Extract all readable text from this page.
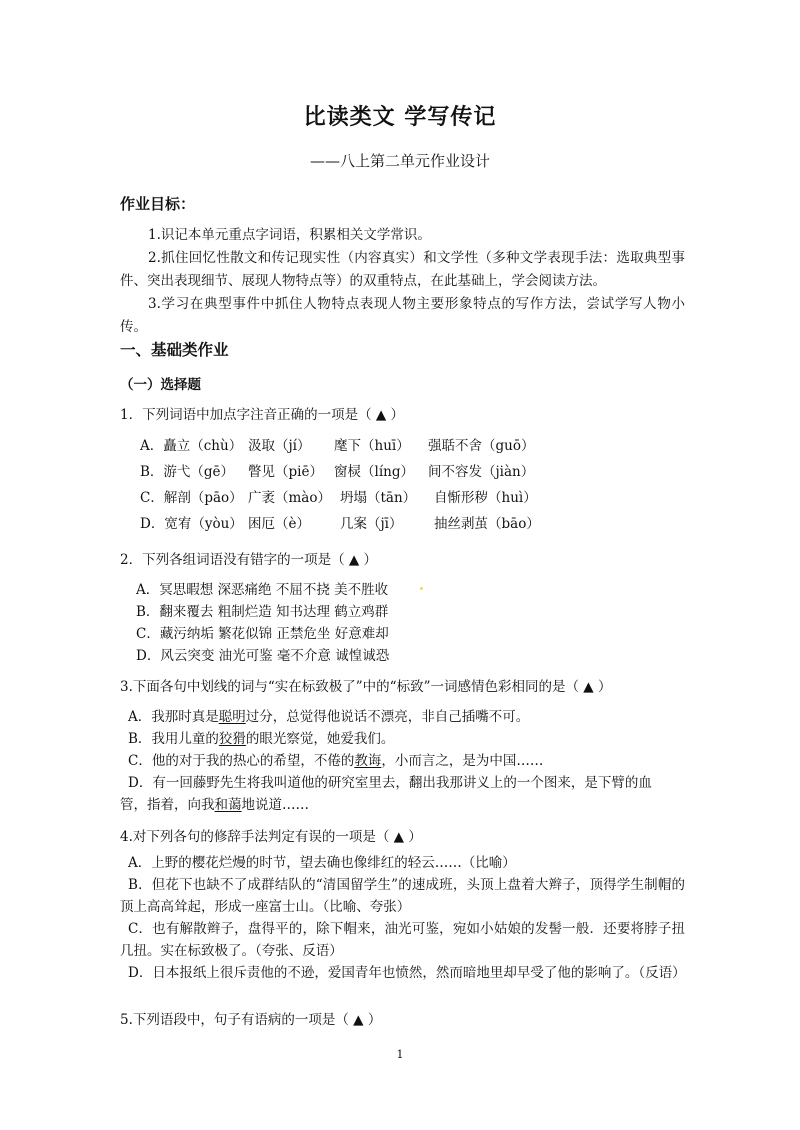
比读类文 学写传记
——八上第二单元作业设计
作业目标：

1.识记本单元重点字词语，积累相关文学常识。

2.抓住回忆性散文和传记现实性（内容真实）和文学性（多种文学表现手法：选取典型事件、突出表现细节、展现人物特点等）的双重特点，在此基础上，学会阅读方法。

3.学习在典型事件中抓住人物特点表现人物主要形象特点的写作方法，尝试学写人物小传。

一、基础类作业
（一）选择题
1．下列词语中加点字注音正确的一项是（ ▲ ）
A．矗立（chù） 汲取（jí） 麾下（huī） 强聒不舍（guō）
B．游弋（gē） 瞥见（piē） 窗棂（líng） 间不容发（jiàn）
C．解剖（pāo） 广袤（mào） 坍塌（tān） 自惭形秽（huì）
D．宽宥（yòu） 困厄（è） 几案（jī） 抽丝剥茧（bāo）
2．下列各组词语没有错字的一项是（ ▲ ）
A．冥思暇想 深恶痛绝 不屈不挠 美不胜收
B．翻来覆去 粗制烂造 知书达理 鹤立鸡群
C．藏污纳垢 繁花似锦 正禁危坐 好意难却
D．风云突变 油光可鉴 毫不介意 诚惶诚恐
3.下面各句中划线的词与“实在标致极了”中的“标致”一词感情色彩相同的是（ ▲ ）
A．我那时真是聪明过分，总觉得他说话不漂亮，非自己插嘴不可。
B．我用儿童的狡猾的眼光察觉，她爱我们。
C．他的对于我的热心的希望，不倦的教诲，小而言之，是为中国……
D．有一回藤野先生将我叫道他的研究室里去，翻出我那讲义上的一个图来，是下臂的血
管，指着，向我和蔼地说道……
4.对下列各句的修辞手法判定有误的一项是（ ▲ ）

A．上野的樱花烂熳的时节，望去确也像绯红的轻云……（比喻）

B．但花下也缺不了成群结队的“清国留学生”的速成班，头顶上盘着大辫子，顶得学生制帽的顶上高高耸起，形成一座富士山。（比喻、夸张）

C．也有解散辫子，盘得平的，除下帽来，油光可鉴，宛如小姑娘的发髻一般．还要将脖子扭几扭。实在标致极了。（夸张、反语）

D．日本报纸上很斥责他的不逊，爱国青年也愤然，然而暗地里却早受了他的影响了。（反语）

5.下列语段中，句子有语病的一项是（ ▲ ）
1
